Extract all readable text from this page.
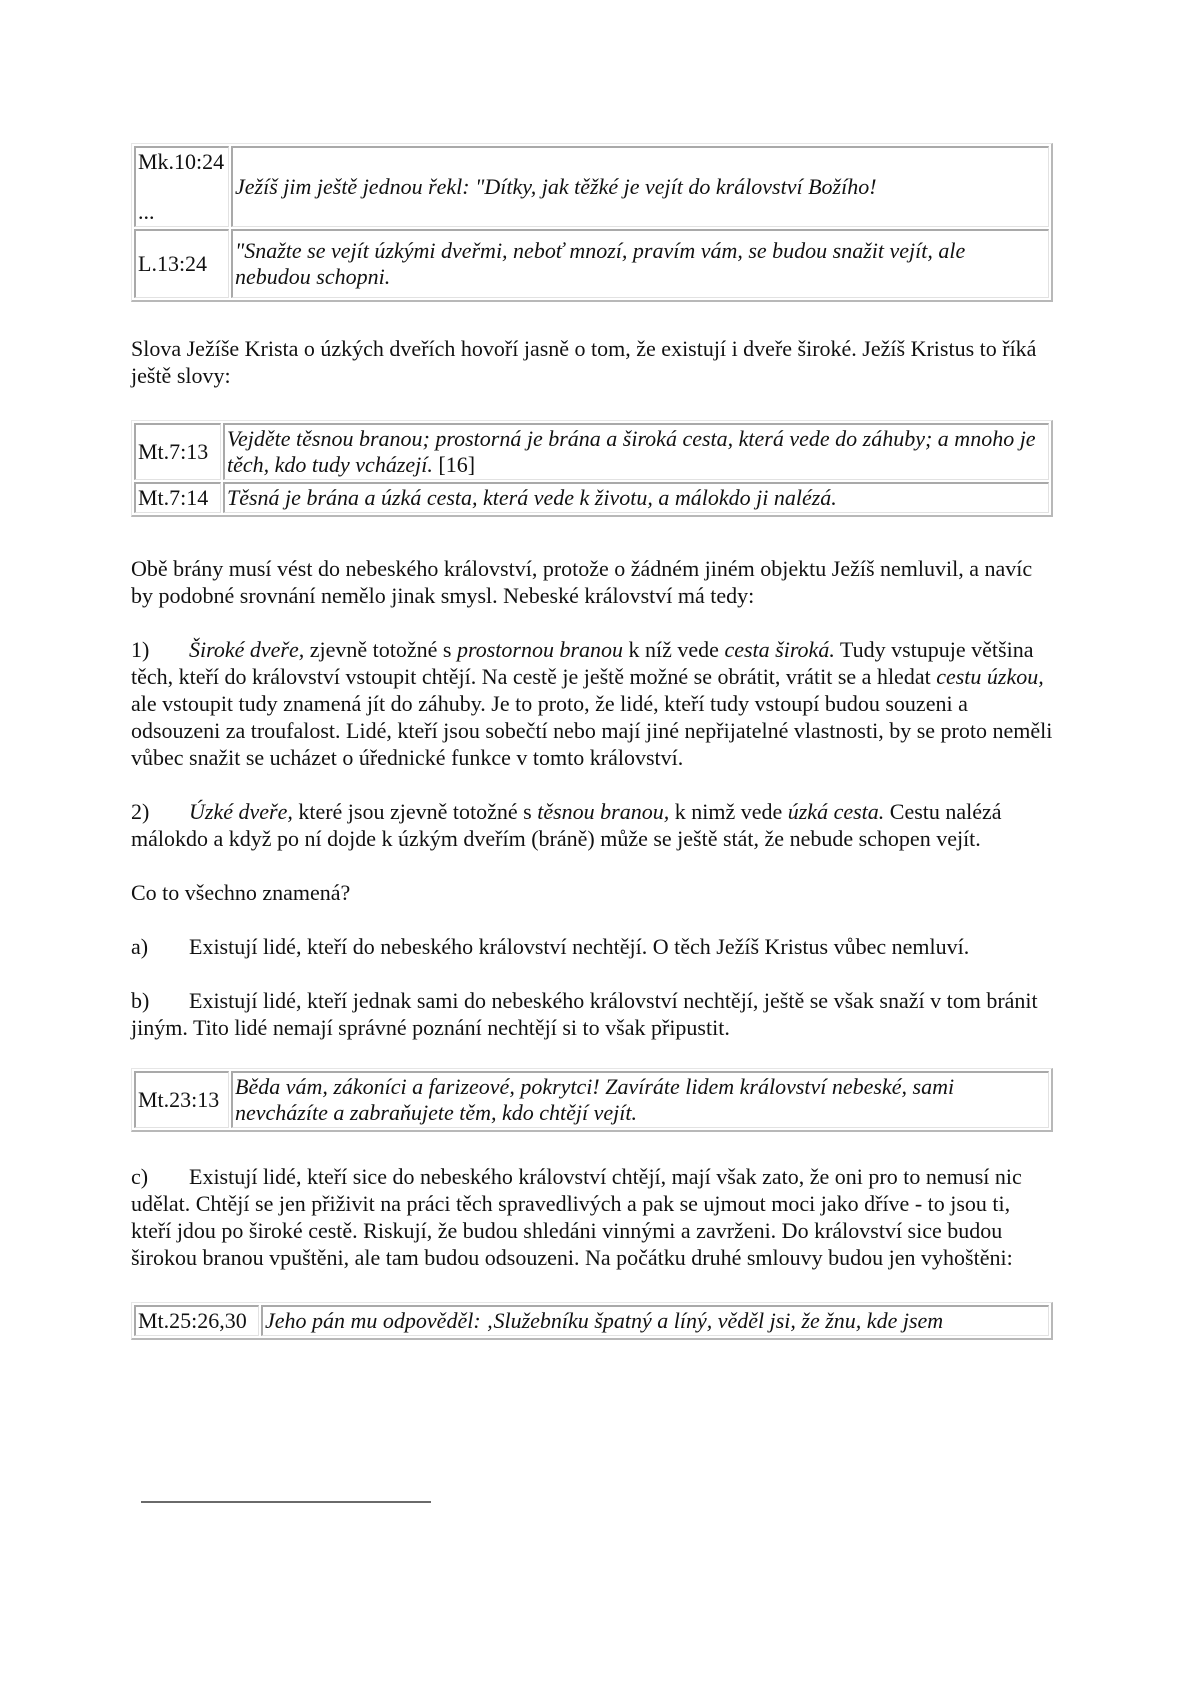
Mk.10:24
...	Ježíš jim ještě jednou řekl: "Dítky, jak těžké je vejít do království Božího!
L.13:24	"Snažte se vejít úzkými dveřmi, neboť mnozí, pravím vám, se budou snažit vejít, ale nebudou schopni.

Slova Ježíše Krista o úzkých dveřích hovoří jasně o tom, že existují i dveře široké. Ježíš Kristus to říká ještě slovy:

Mt.7:13	Vejděte těsnou branou; prostorná je brána a široká cesta, která vede do záhuby; a mnoho je těch, kdo tudy vcházejí. [16]
Mt.7:14	Těsná je brána a úzká cesta, která vede k životu, a málokdo ji nalézá.

Obě brány musí vést do nebeského království, protože o žádném jiném objektu Ježíš nemluvil, a navíc by podobné srovnání nemělo jinak smysl. Nebeské království má tedy:

1) Široké dveře, zjevně totožné s prostornou branou k níž vede cesta široká. Tudy vstupuje většina těch, kteří do království vstoupit chtějí. Na cestě je ještě možné se obrátit, vrátit se a hledat cestu úzkou, ale vstoupit tudy znamená jít do záhuby. Je to proto, že lidé, kteří tudy vstoupí budou souzeni a odsouzeni za troufalost. Lidé, kteří jsou sobečtí nebo mají jiné nepřijatelné vlastnosti, by se proto neměli vůbec snažit se ucházet o úřednické funkce v tomto království.

2) Úzké dveře, které jsou zjevně totožné s těsnou branou, k nimž vede úzká cesta. Cestu nalézá málokdo a když po ní dojde k úzkým dveřím (bráně) může se ještě stát, že nebude schopen vejít.

Co to všechno znamená?

a) Existují lidé, kteří do nebeského království nechtějí. O těch Ježíš Kristus vůbec nemluví.

b) Existují lidé, kteří jednak sami do nebeského království nechtějí, ještě se však snaží v tom bránit jiným. Tito lidé nemají správné poznání nechtějí si to však připustit.

Mt.23:13	Běda vám, zákoníci a farizeové, pokrytci! Zavíráte lidem království nebeské, sami nevcházíte a zabraňujete těm, kdo chtějí vejít.

c) Existují lidé, kteří sice do nebeského království chtějí, mají však zato, že oni pro to nemusí nic udělat. Chtějí se jen přiživit na práci těch spravedlivých a pak se ujmout moci jako dříve - to jsou ti, kteří jdou po široké cestě. Riskují, že budou shledáni vinnými a zavrženi. Do království sice budou širokou branou vpuštěni, ale tam budou odsouzeni. Na počátku druhé smlouvy budou jen vyhoštěni:

Mt.25:26,30	Jeho pán mu odpověděl: ‚Služebníku špatný a líný, věděl jsi, že žnu, kde jsem
